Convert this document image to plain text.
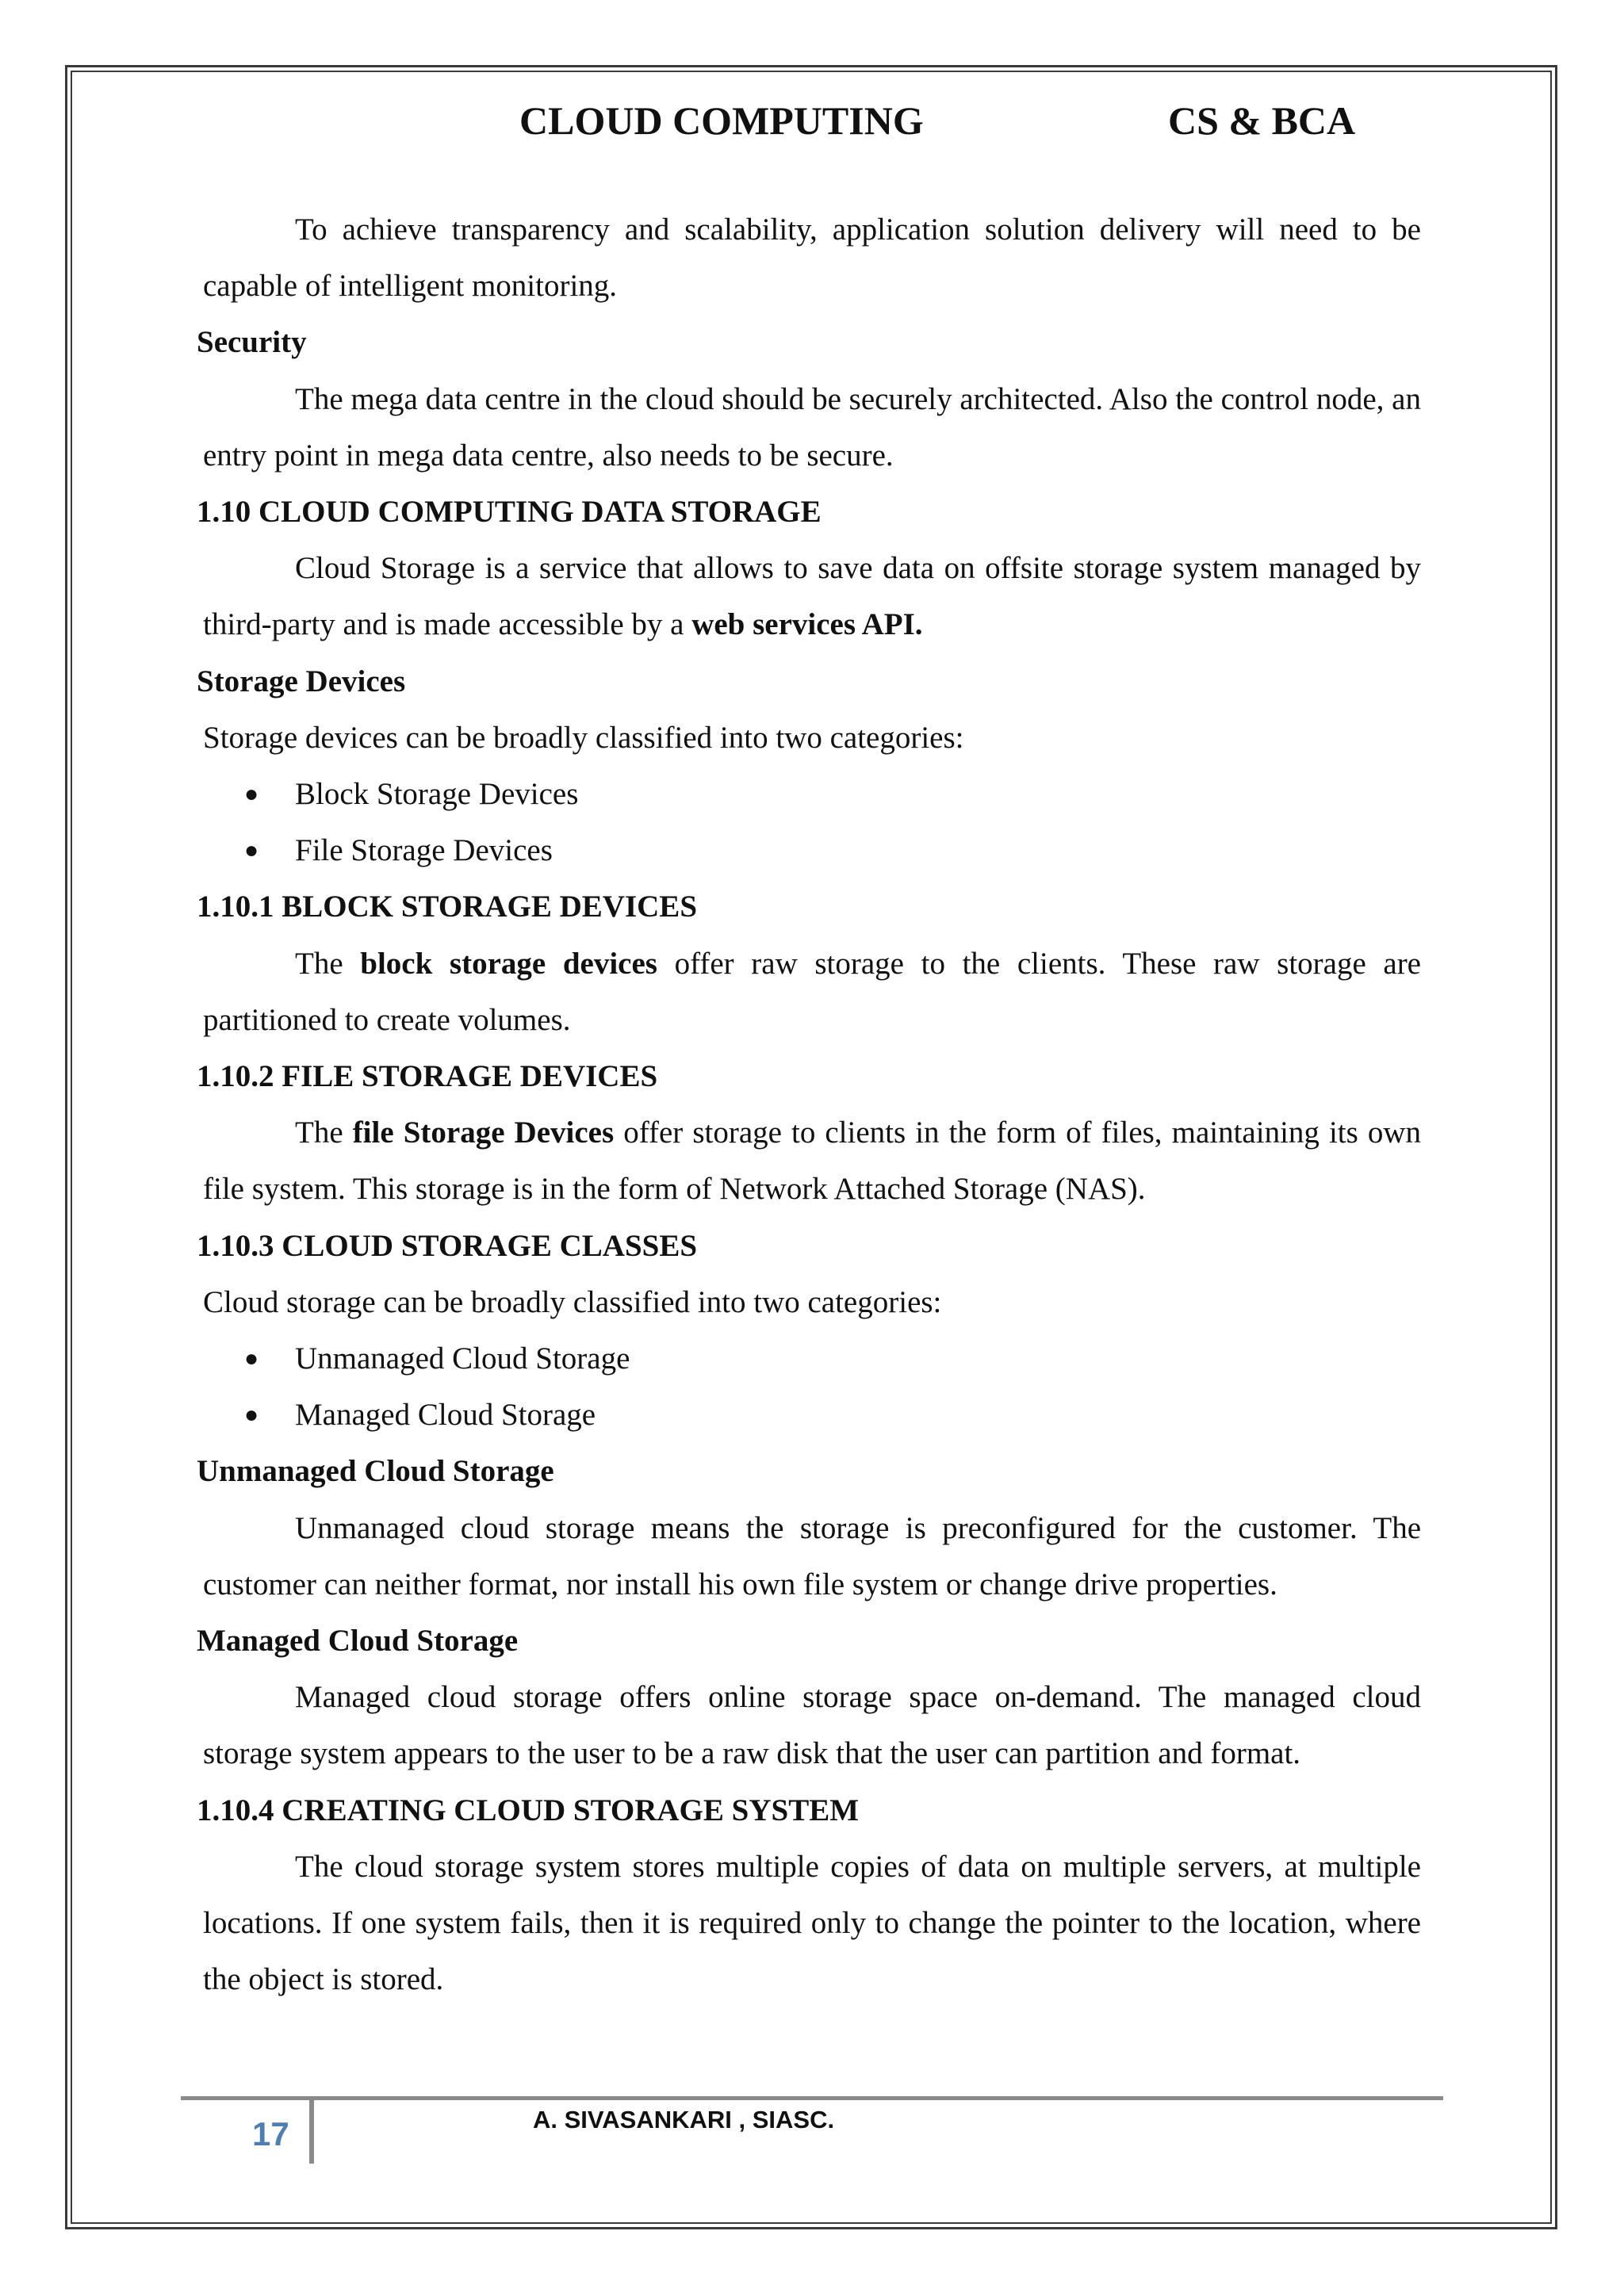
CLOUD COMPUTING	CS & BCA

To achieve transparency and scalability, application solution delivery will need to be capable of intelligent monitoring.

Security

The mega data centre in the cloud should be securely architected. Also the control node, an entry point in mega data centre, also needs to be secure.

1.10 CLOUD COMPUTING DATA STORAGE

Cloud Storage is a service that allows to save data on offsite storage system managed by third-party and is made accessible by a web services API.

Storage Devices

Storage devices can be broadly classified into two categories:

● Block Storage Devices
● File Storage Devices

1.10.1 BLOCK STORAGE DEVICES

The block storage devices offer raw storage to the clients. These raw storage are partitioned to create volumes.

1.10.2 FILE STORAGE DEVICES

The file Storage Devices offer storage to clients in the form of files, maintaining its own file system. This storage is in the form of Network Attached Storage (NAS).

1.10.3 CLOUD STORAGE CLASSES

Cloud storage can be broadly classified into two categories:

● Unmanaged Cloud Storage
● Managed Cloud Storage

Unmanaged Cloud Storage

Unmanaged cloud storage means the storage is preconfigured for the customer. The customer can neither format, nor install his own file system or change drive properties.

Managed Cloud Storage

Managed cloud storage offers online storage space on-demand. The managed cloud storage system appears to the user to be a raw disk that the user can partition and format.

1.10.4 CREATING CLOUD STORAGE SYSTEM

The cloud storage system stores multiple copies of data on multiple servers, at multiple locations. If one system fails, then it is required only to change the pointer to the location, where the object is stored.

17	A. SIVASANKARI , SIASC.
